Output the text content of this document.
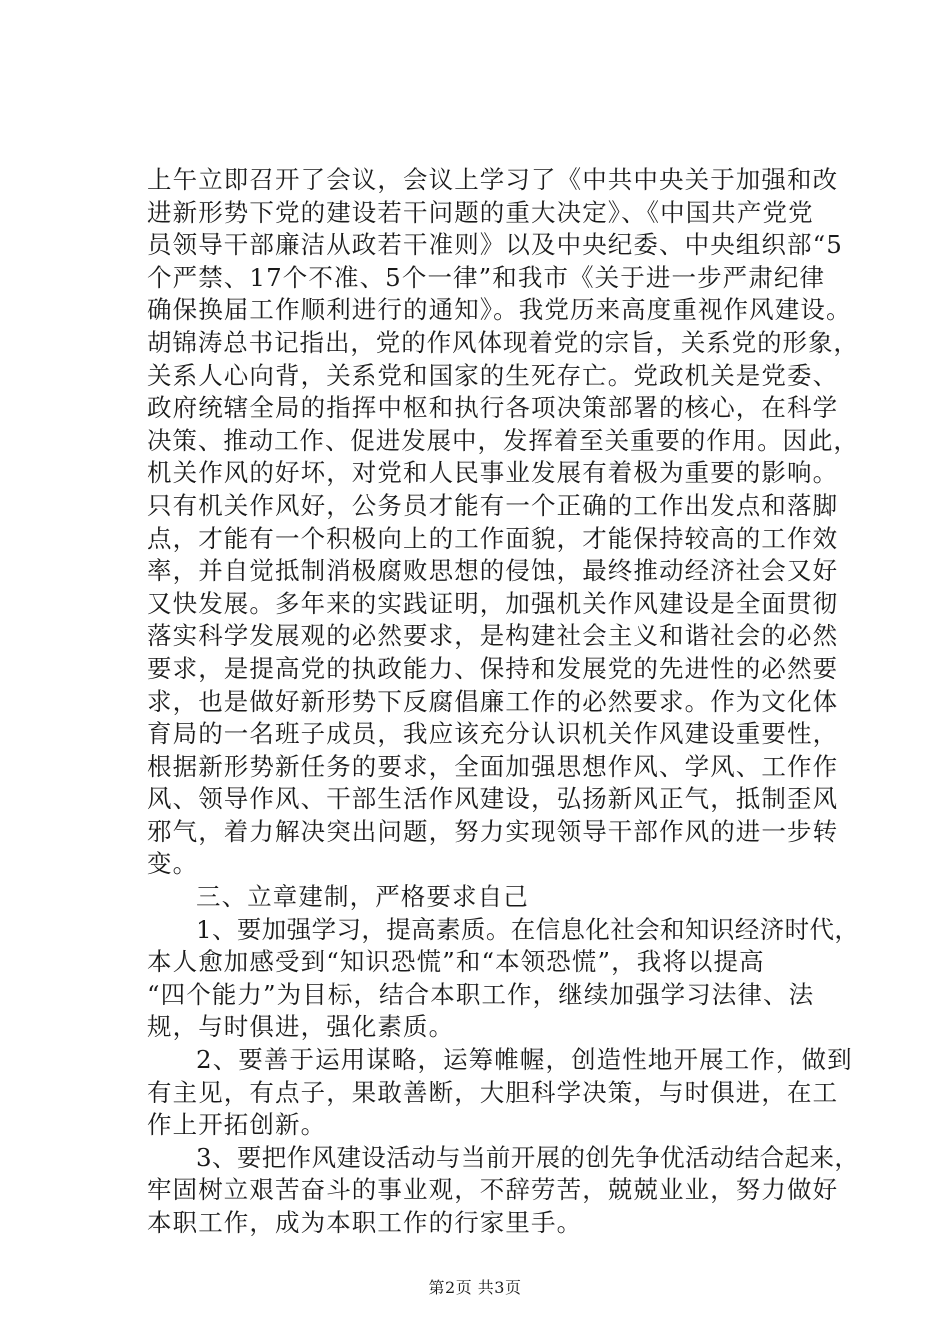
上午立即召开了会议，会议上学习了《中共中央关于加强和改
进新形势下党的建设若干问题的重大决定》、《中国共产党党
员领导干部廉洁从政若干准则》以及中央纪委、中央组织部“5
个严禁、17个不准、5个一律”和我市《关于进一步严肃纪律
确保换届工作顺利进行的通知》。我党历来高度重视作风建设。
胡锦涛总书记指出，党的作风体现着党的宗旨，关系党的形象，
关系人心向背，关系党和国家的生死存亡。党政机关是党委、
政府统辖全局的指挥中枢和执行各项决策部署的核心，在科学
决策、推动工作、促进发展中，发挥着至关重要的作用。因此，
机关作风的好坏，对党和人民事业发展有着极为重要的影响。
只有机关作风好，公务员才能有一个正确的工作出发点和落脚
点，才能有一个积极向上的工作面貌，才能保持较高的工作效
率，并自觉抵制消极腐败思想的侵蚀，最终推动经济社会又好
又快发展。多年来的实践证明，加强机关作风建设是全面贯彻
落实科学发展观的必然要求，是构建社会主义和谐社会的必然
要求，是提高党的执政能力、保持和发展党的先进性的必然要
求，也是做好新形势下反腐倡廉工作的必然要求。作为文化体
育局的一名班子成员，我应该充分认识机关作风建设重要性，
根据新形势新任务的要求，全面加强思想作风、学风、工作作
风、领导作风、干部生活作风建设，弘扬新风正气，抵制歪风
邪气，着力解决突出问题，努力实现领导干部作风的进一步转
变。
三、立章建制，严格要求自己
1、要加强学习，提高素质。在信息化社会和知识经济时代，
本人愈加感受到“知识恐慌”和“本领恐慌”，我将以提高
“四个能力”为目标，结合本职工作，继续加强学习法律、法
规，与时俱进，强化素质。
2、要善于运用谋略，运筹帷幄，创造性地开展工作，做到
有主见，有点子，果敢善断，大胆科学决策，与时俱进，在工
作上开拓创新。
3、要把作风建设活动与当前开展的创先争优活动结合起来，
牢固树立艰苦奋斗的事业观，不辞劳苦，兢兢业业，努力做好
本职工作，成为本职工作的行家里手。
第2页 共3页
